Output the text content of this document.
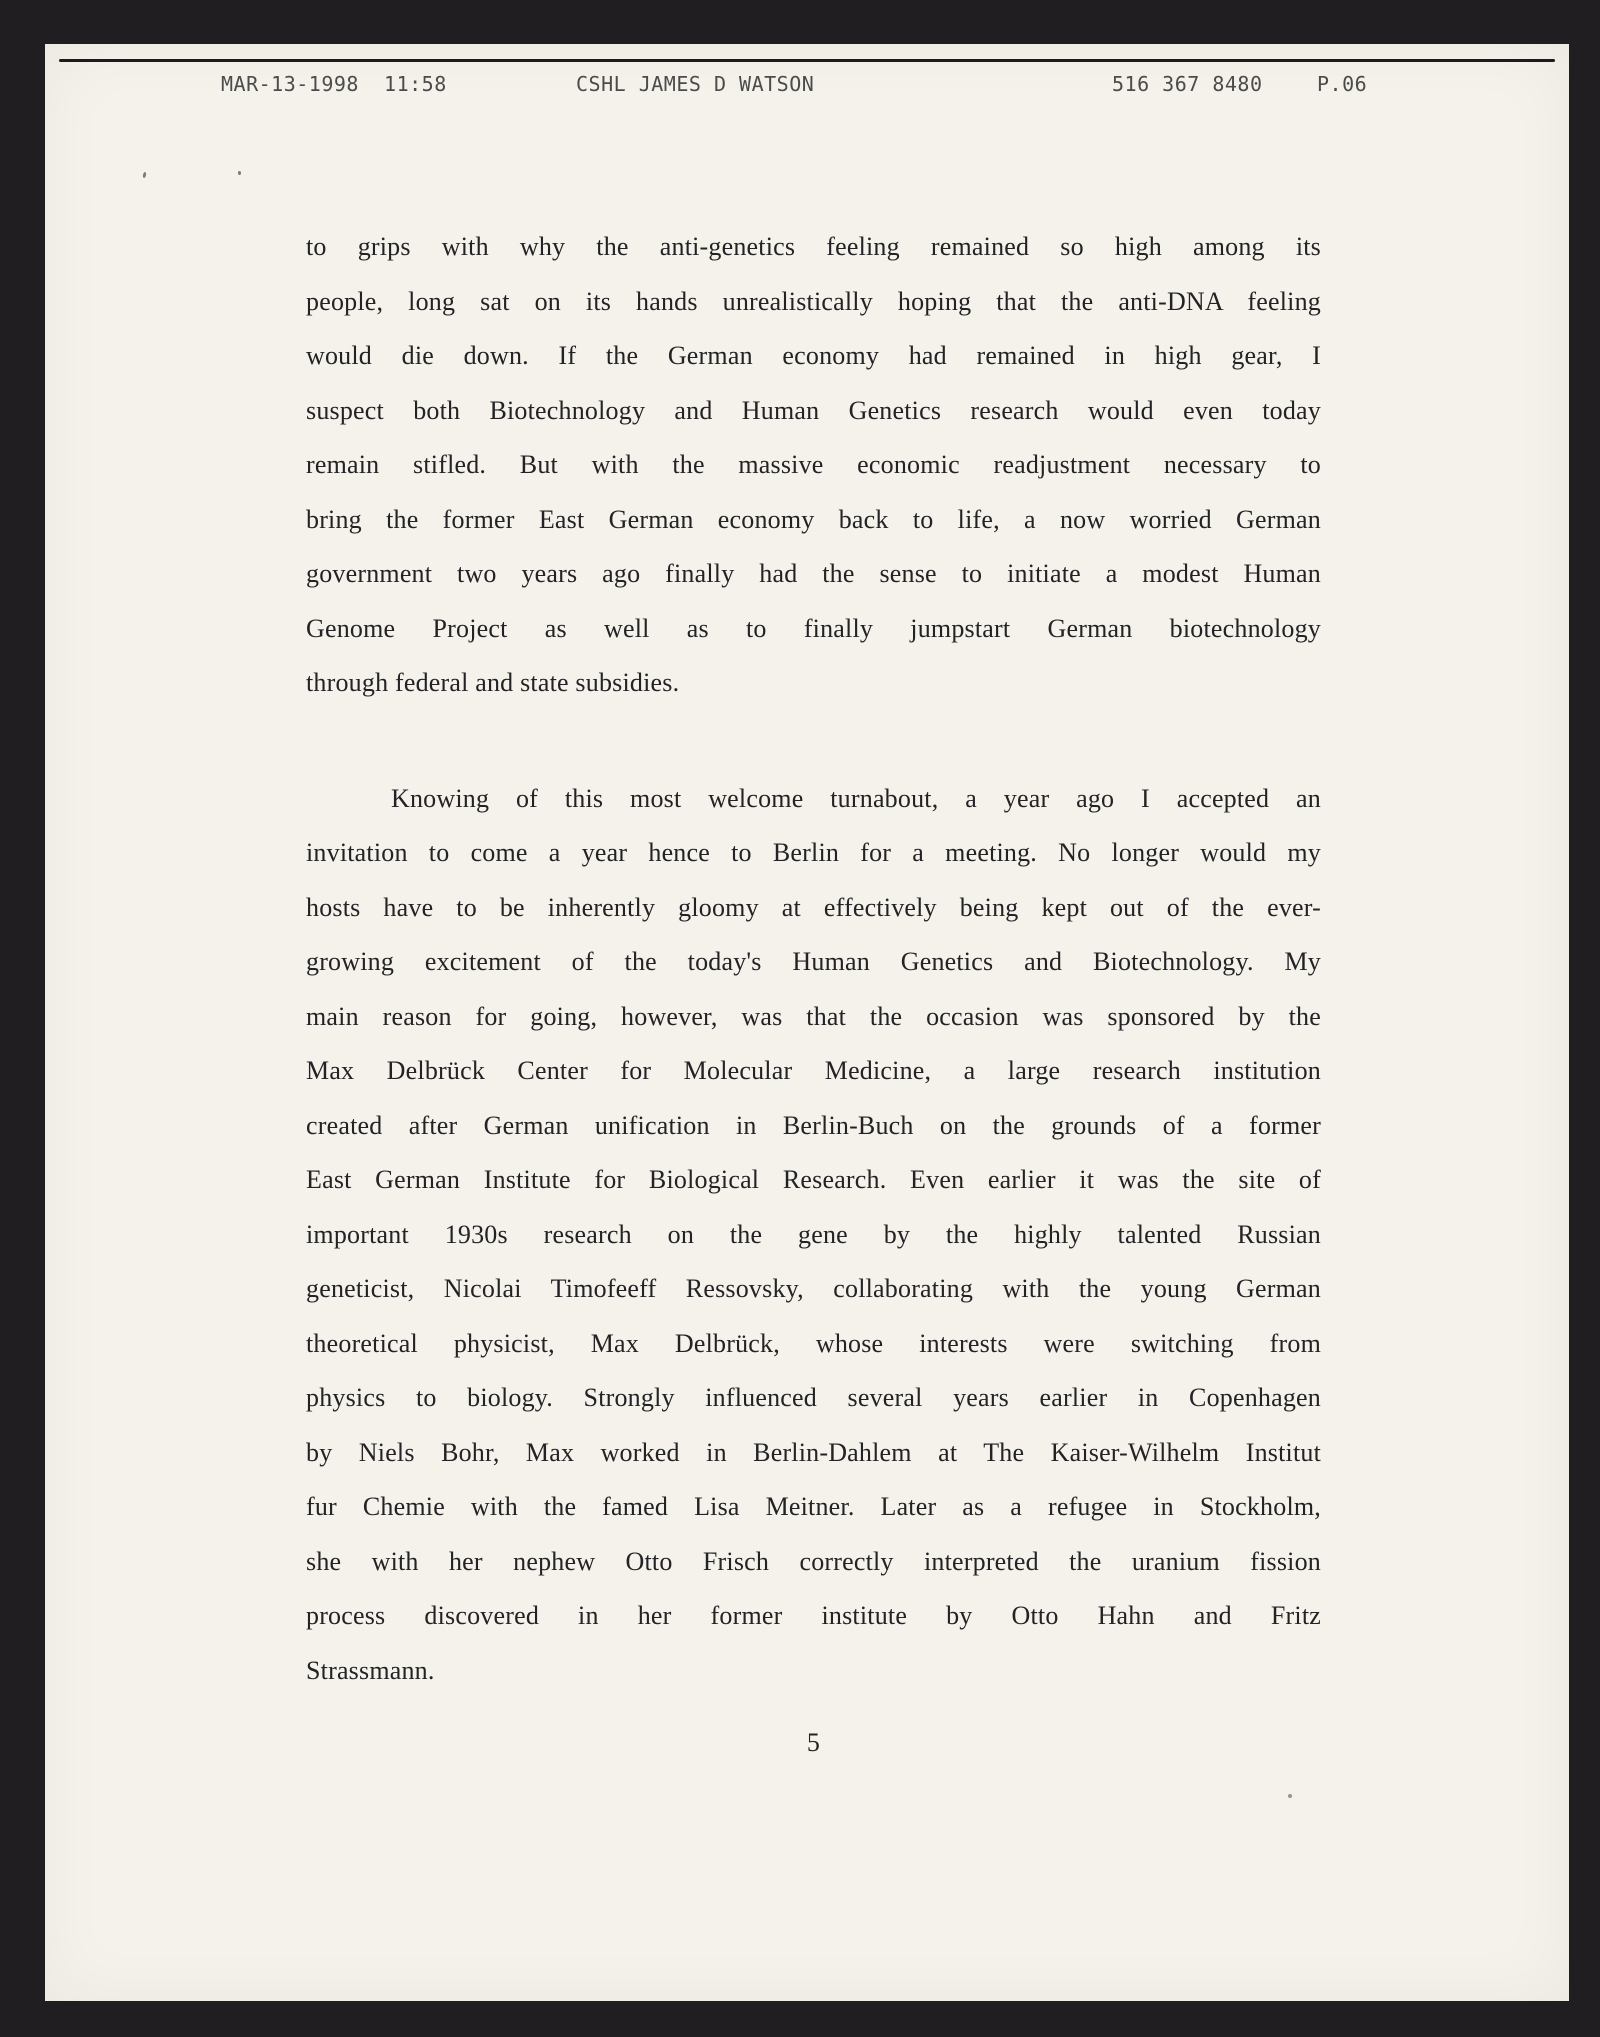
MAR-13-1998  11:58	CSHL JAMES D WATSON	516 367 8480	P.06
to grips with why the anti-genetics feeling remained so high among its
people, long sat on its hands unrealistically hoping that the anti-DNA feeling
would die down. If the German economy had remained in high gear, I
suspect both Biotechnology and Human Genetics research would even today
remain stifled. But with the massive economic readjustment necessary to
bring the former East German economy back to life, a now worried German
government two years ago finally had the sense to initiate a modest Human
Genome Project as well as to finally jumpstart German biotechnology
through federal and state subsidies.
Knowing of this most welcome turnabout, a year ago I accepted an
invitation to come a year hence to Berlin for a meeting. No longer would my
hosts have to be inherently gloomy at effectively being kept out of the ever-
growing excitement of the today's Human Genetics and Biotechnology. My
main reason for going, however, was that the occasion was sponsored by the
Max Delbrück Center for Molecular Medicine, a large research institution
created after German unification in Berlin-Buch on the grounds of a former
East German Institute for Biological Research. Even earlier it was the site of
important 1930s research on the gene by the highly talented Russian
geneticist, Nicolai Timofeeff Ressovsky, collaborating with the young German
theoretical physicist, Max Delbrück, whose interests were switching from
physics to biology. Strongly influenced several years earlier in Copenhagen
by Niels Bohr, Max worked in Berlin-Dahlem at The Kaiser-Wilhelm Institut
fur Chemie with the famed Lisa Meitner. Later as a refugee in Stockholm,
she with her nephew Otto Frisch correctly interpreted the uranium fission
process discovered in her former institute by Otto Hahn and Fritz
Strassmann.
5
